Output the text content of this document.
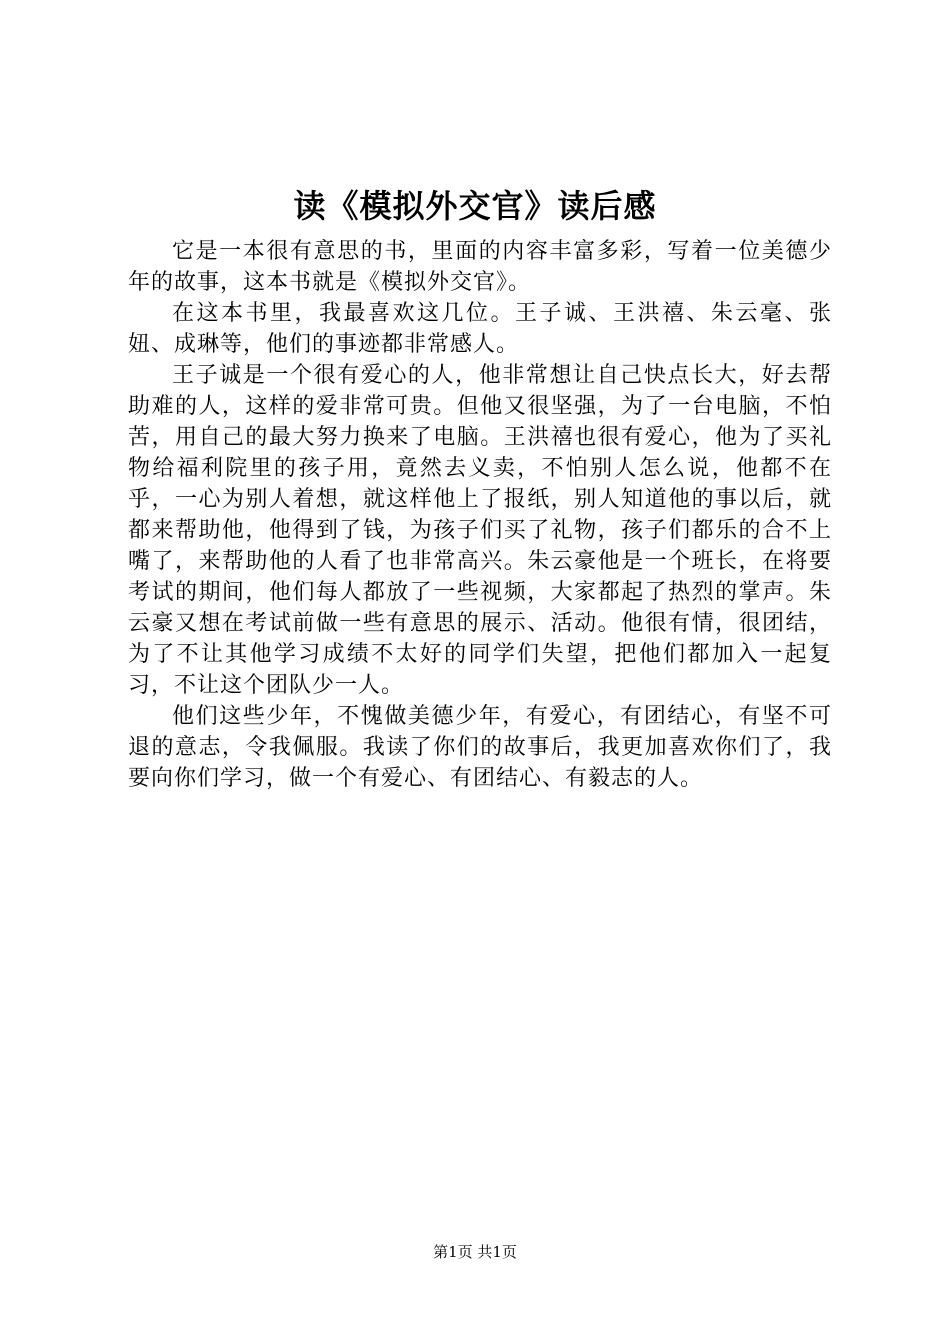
读《模拟外交官》读后感

它是一本很有意思的书，里面的内容丰富多彩，写着一位美德少年的故事，这本书就是《模拟外交官》。

在这本书里，我最喜欢这几位。王子诚、王洪禧、朱云毫、张妞、成琳等，他们的事迹都非常感人。

王子诚是一个很有爱心的人，他非常想让自己快点长大，好去帮助难的人，这样的爱非常可贵。但他又很坚强，为了一台电脑，不怕苦，用自己的最大努力换来了电脑。王洪禧也很有爱心，他为了买礼物给福利院里的孩子用，竟然去义卖，不怕别人怎么说，他都不在乎，一心为别人着想，就这样他上了报纸，别人知道他的事以后，就都来帮助他，他得到了钱，为孩子们买了礼物，孩子们都乐的合不上嘴了，来帮助他的人看了也非常高兴。朱云豪他是一个班长，在将要考试的期间，他们每人都放了一些视频，大家都起了热烈的掌声。朱云豪又想在考试前做一些有意思的展示、活动。他很有情，很团结，为了不让其他学习成绩不太好的同学们失望，把他们都加入一起复习，不让这个团队少一人。

他们这些少年，不愧做美德少年，有爱心，有团结心，有坚不可退的意志，令我佩服。我读了你们的故事后，我更加喜欢你们了，我要向你们学习，做一个有爱心、有团结心、有毅志的人。

第1页 共1页
